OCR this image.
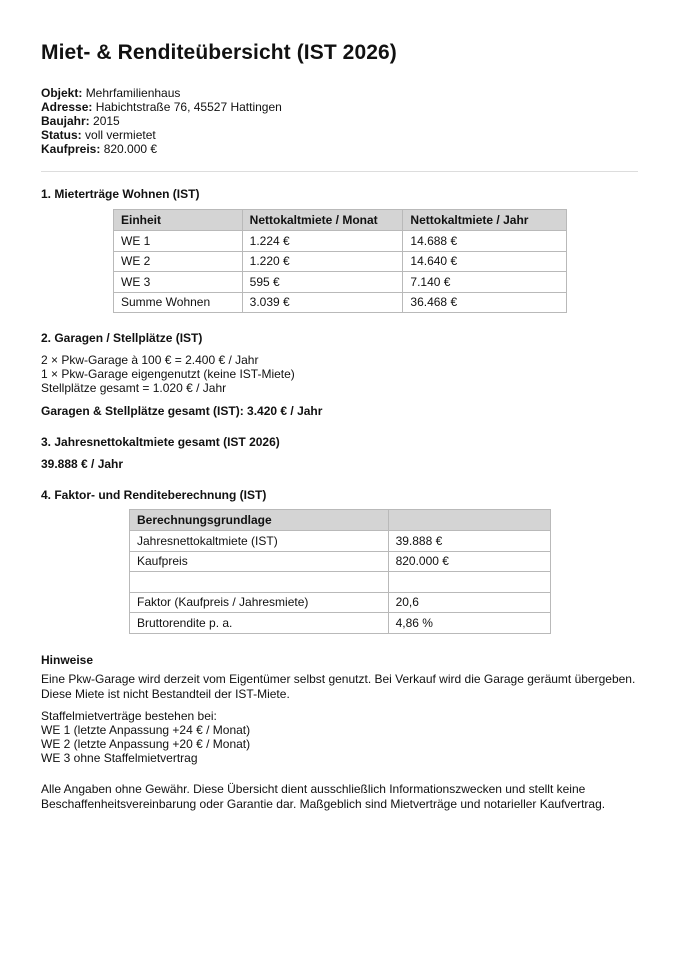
Miet- & Renditeübersicht (IST 2026)
Objekt: Mehrfamilienhaus
Adresse: Habichtstraße 76, 45527 Hattingen
Baujahr: 2015
Status: voll vermietet
Kaufpreis: 820.000 €
1. Mieterträge Wohnen (IST)
Einheit	Nettokaltmiete / Monat	Nettokaltmiete / Jahr
WE 1	1.224 €	14.688 €
WE 2	1.220 €	14.640 €
WE 3	595 €	7.140 €
Summe Wohnen	3.039 €	36.468 €
2. Garagen / Stellplätze (IST)
2 × Pkw-Garage à 100 € = 2.400 € / Jahr
1 × Pkw-Garage eigengenutzt (keine IST-Miete)
Stellplätze gesamt = 1.020 € / Jahr
Garagen & Stellplätze gesamt (IST): 3.420 € / Jahr
3. Jahresnettokaltmiete gesamt (IST 2026)
39.888 € / Jahr
4. Faktor- und Renditeberechnung (IST)
Berechnungsgrundlage	
Jahresnettokaltmiete (IST)	39.888 €
Kaufpreis	820.000 €

Faktor (Kaufpreis / Jahresmiete)	20,6
Bruttorendite p. a.	4,86 %
Hinweise
Eine Pkw-Garage wird derzeit vom Eigentümer selbst genutzt. Bei Verkauf wird die Garage geräumt übergeben. Diese Miete ist nicht Bestandteil der IST-Miete.
Staffelmietverträge bestehen bei:
WE 1 (letzte Anpassung +24 € / Monat)
WE 2 (letzte Anpassung +20 € / Monat)
WE 3 ohne Staffelmietvertrag
Alle Angaben ohne Gewähr. Diese Übersicht dient ausschließlich Informationszwecken und stellt keine Beschaffenheitsvereinbarung oder Garantie dar. Maßgeblich sind Mietverträge und notarieller Kaufvertrag.
